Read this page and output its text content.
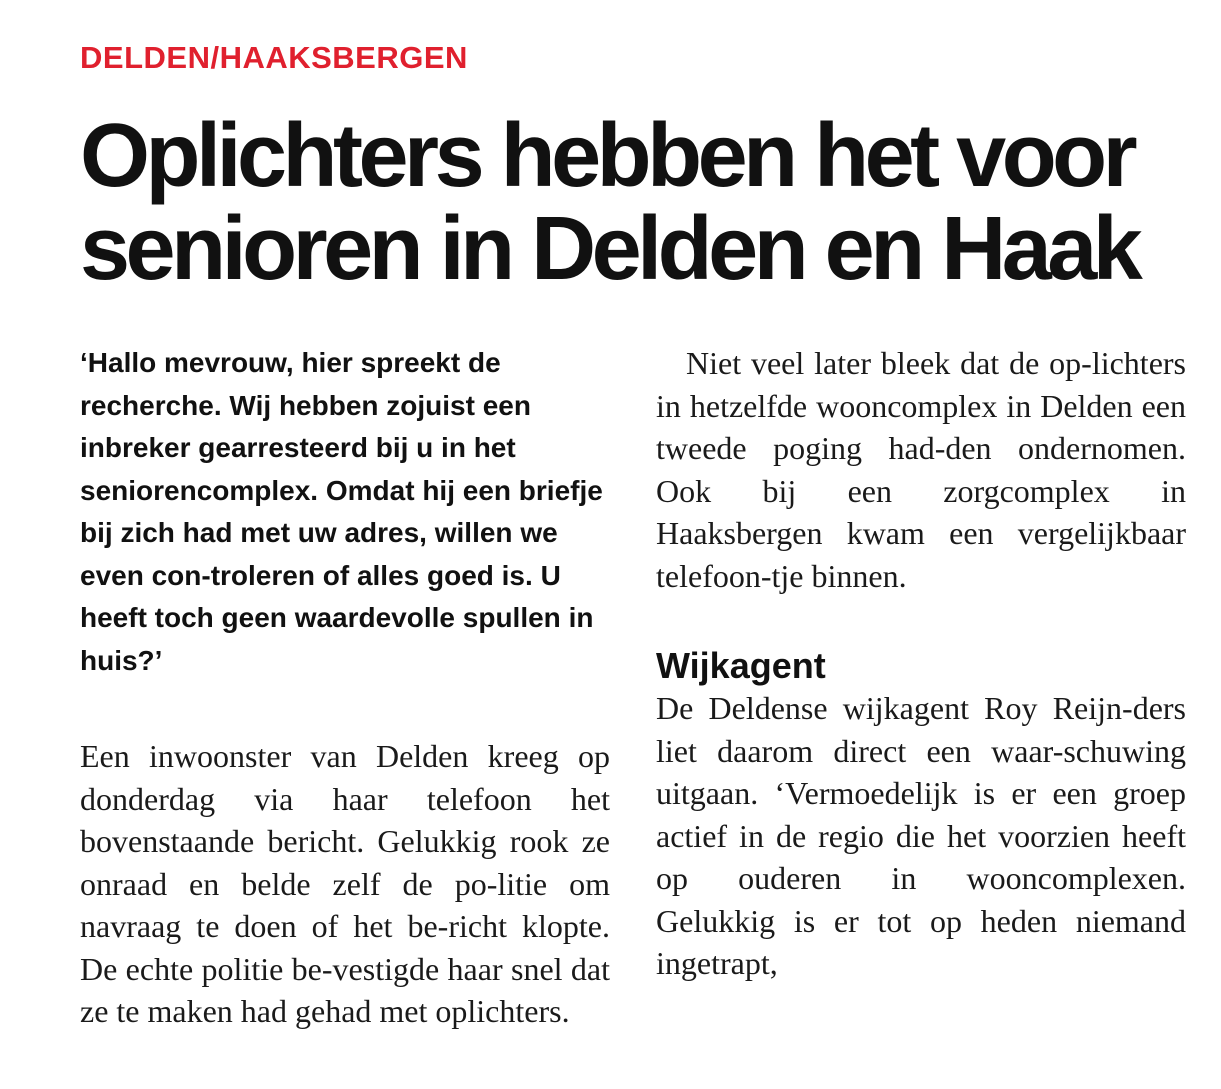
DELDEN/HAAKSBERGEN
Oplichters hebben het voor
senioren in Delden en Haak

‘Hallo mevrouw, hier spreekt de recherche. Wij hebben zojuist een inbreker gearresteerd bij u in het seniorencomplex. Omdat hij een briefje bij zich had met uw adres, willen we even con-troleren of alles goed is. U heeft toch geen waardevolle spullen in huis?’

Een inwoonster van Delden kreeg op donderdag via haar telefoon het bovenstaande bericht. Gelukkig rook ze onraad en belde zelf de po-litie om navraag te doen of het be-richt klopte. De echte politie be-vestigde haar snel dat ze te maken had gehad met oplichters.

Niet veel later bleek dat de op-lichters in hetzelfde wooncomplex in Delden een tweede poging had-den ondernomen. Ook bij een zorgcomplex in Haaksbergen kwam een vergelijkbaar telefoon-tje binnen.

Wijkagent

De Deldense wijkagent Roy Reijn-ders liet daarom direct een waar-schuwing uitgaan. ‘Vermoedelijk is er een groep actief in de regio die het voorzien heeft op ouderen in wooncomplexen. Gelukkig is er tot op heden niemand ingetrapt,
